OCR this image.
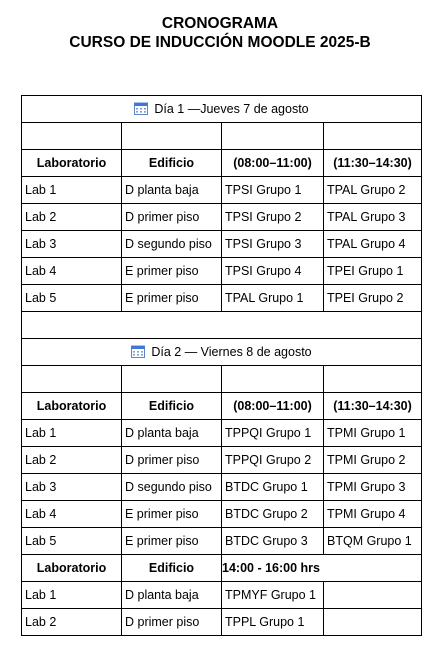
CRONOGRAMA
CURSO DE INDUCCIÓN MOODLE 2025-B
Día 1 —Jueves 7 de agosto			

Laboratorio	Edificio	(08:00–11:00)	(11:30–14:30)
Lab 1	D planta baja	TPSI Grupo 1	TPAL Grupo 2
Lab 2	D primer piso	TPSI Grupo 2	TPAL Grupo 3
Lab 3	D segundo piso	TPSI Grupo 3	TPAL Grupo 4
Lab 4	E primer piso	TPSI Grupo 4	TPEI Grupo 1
Lab 5	E primer piso	TPAL Grupo 1	TPEI Grupo 2

Día 2 — Viernes 8 de agosto			

Laboratorio	Edificio	(08:00–11:00)	(11:30–14:30)
Lab 1	D planta baja	TPPQI Grupo 1	TPMI Grupo 1
Lab 2	D primer piso	TPPQI Grupo 2	TPMI Grupo 2
Lab 3	D segundo piso	BTDC Grupo 1	TPMI Grupo 3
Lab 4	E primer piso	BTDC Grupo 2	TPMI Grupo 4
Lab 5	E primer piso	BTDC Grupo 3	BTQM Grupo 1
Laboratorio	Edificio	14:00 - 16:00 hrs	
Lab 1	D planta baja	TPMYF Grupo 1	
Lab 2	D primer piso	TPPL Grupo 1	
